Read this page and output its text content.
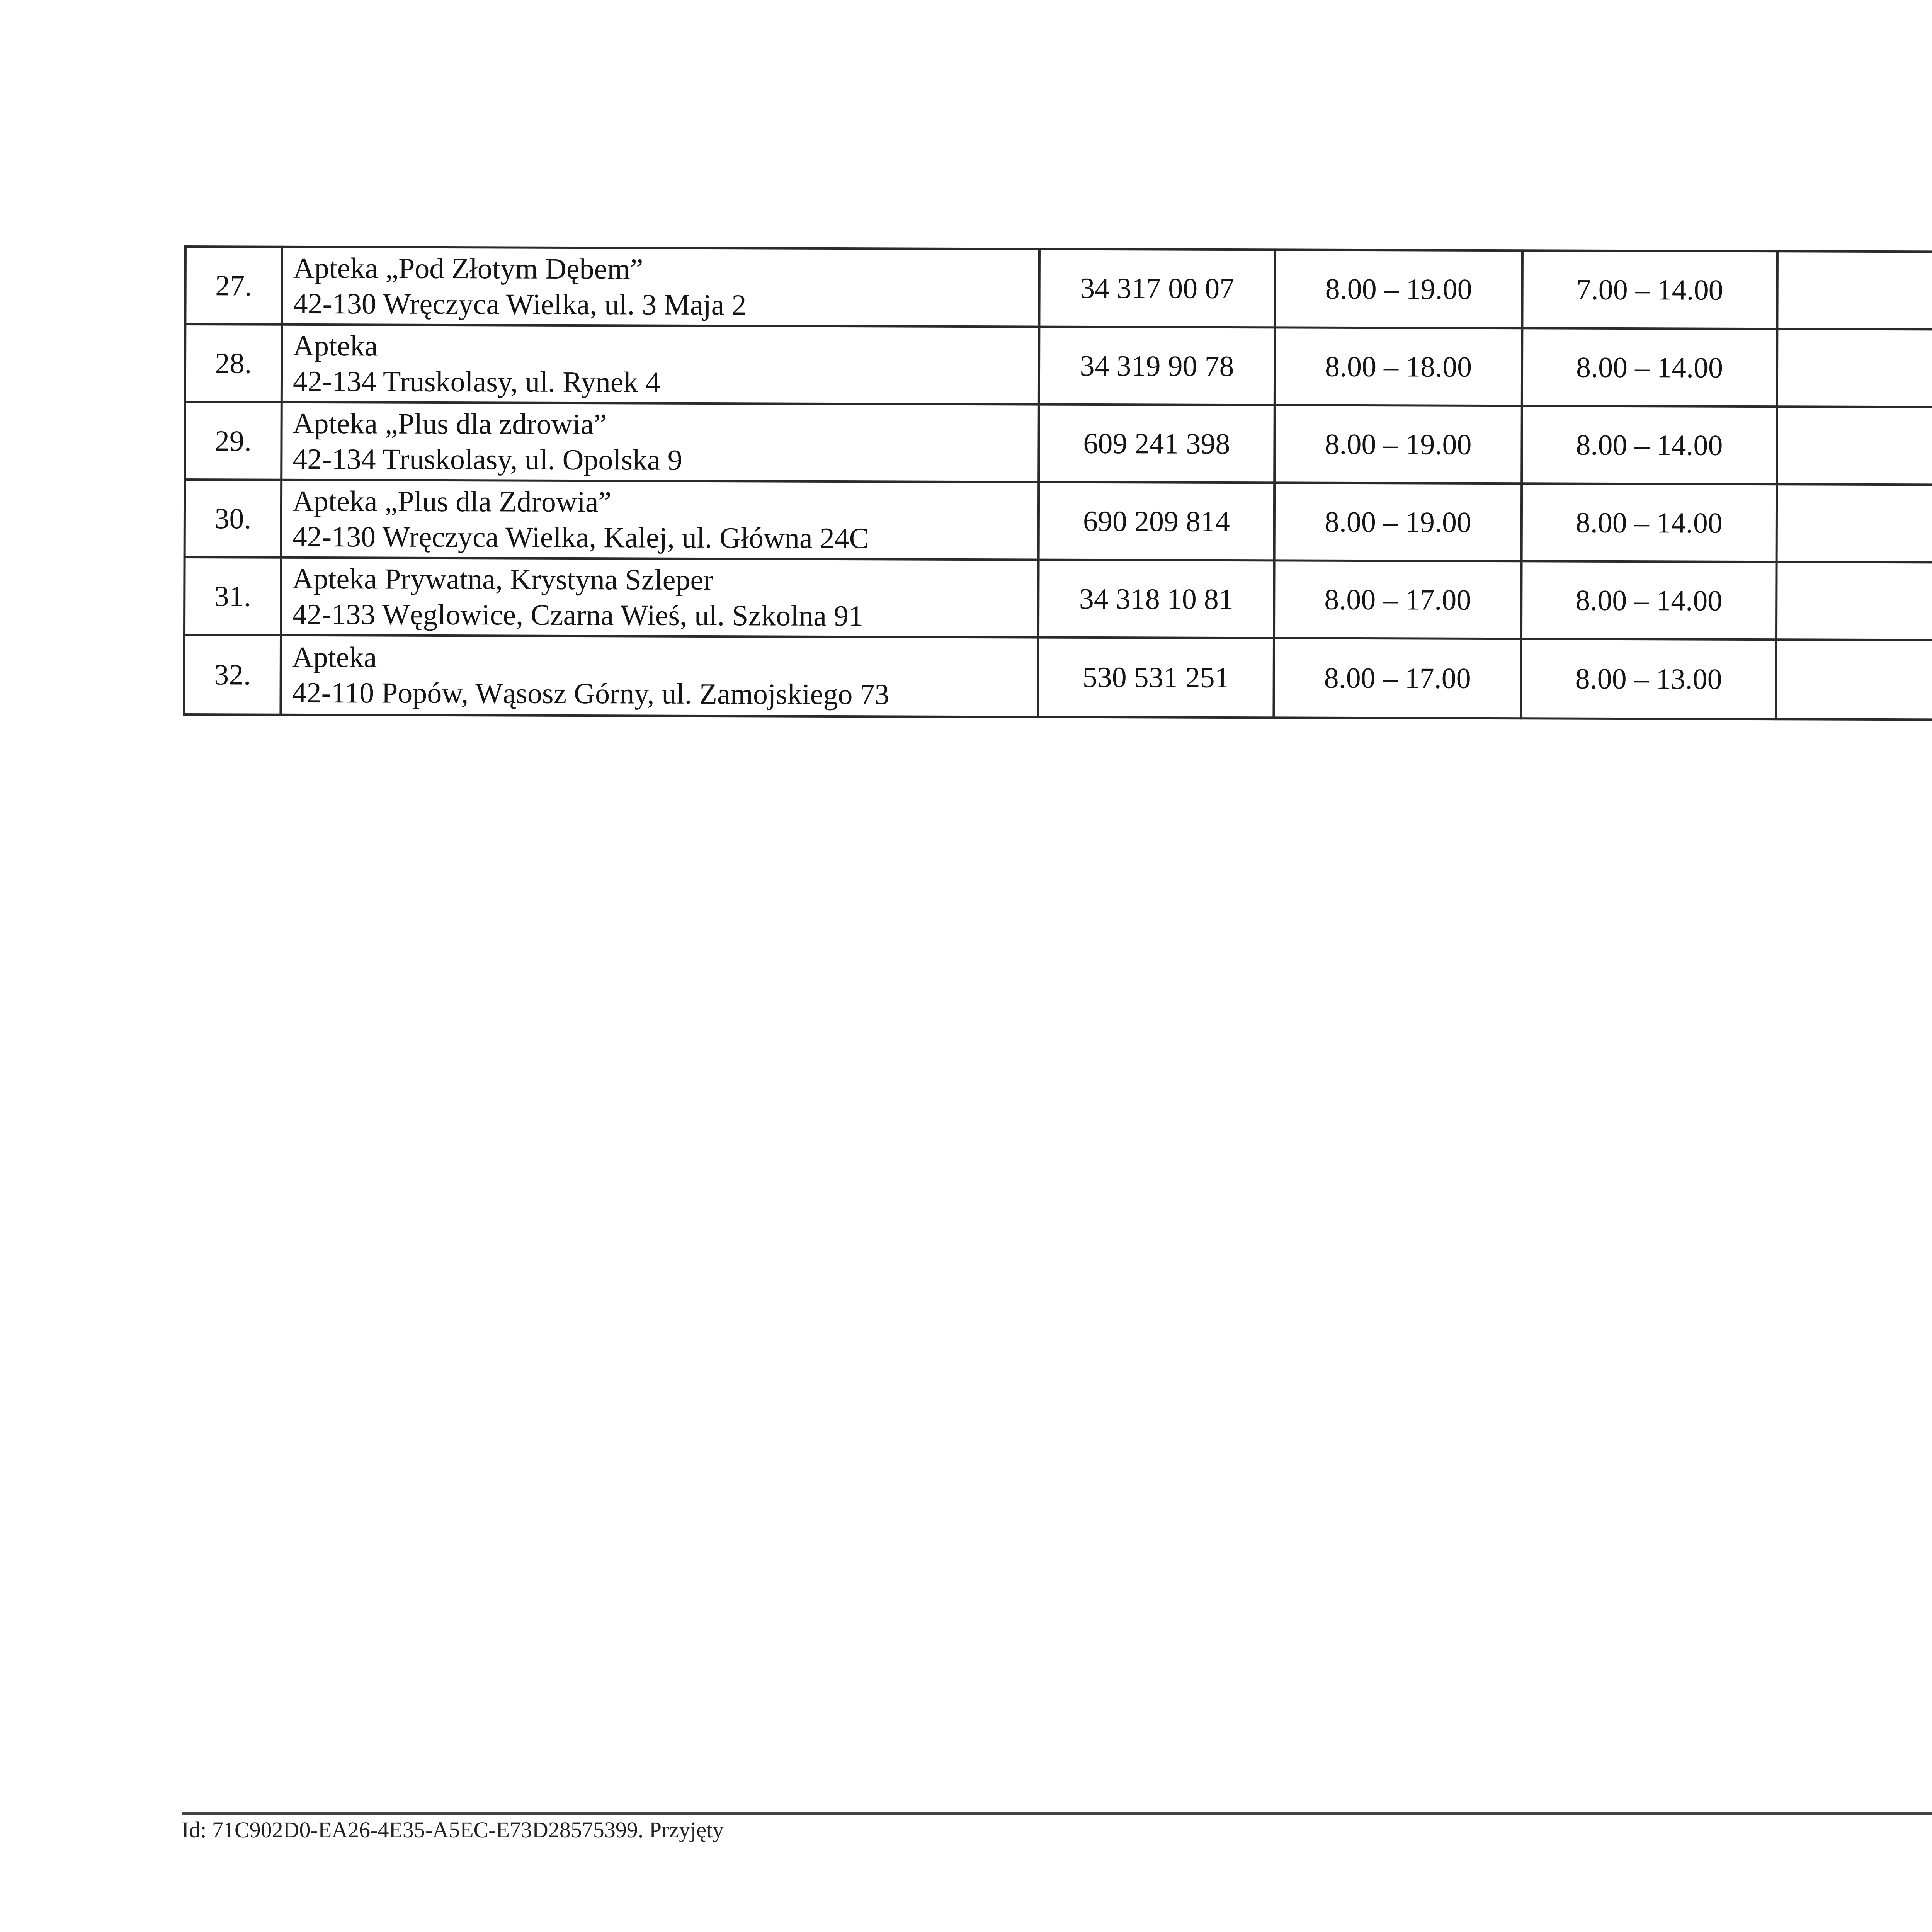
27.	Apteka „Pod Złotym Dębem”
42-130 Wręczyca Wielka, ul. 3 Maja 2	34 317 00 07	8.00 – 19.00	7.00 – 14.00	

28.	Apteka
42-134 Truskolasy, ul. Rynek 4	34 319 90 78	8.00 – 18.00	8.00 – 14.00	

29.	Apteka „Plus dla zdrowia”
42-134 Truskolasy, ul. Opolska 9	609 241 398	8.00 – 19.00	8.00 – 14.00	

30.	Apteka „Plus dla Zdrowia”
42-130 Wręczyca Wielka, Kalej, ul. Główna 24C	690 209 814	8.00 – 19.00	8.00 – 14.00	

31.	Apteka Prywatna, Krystyna Szleper
42-133 Węglowice, Czarna Wieś, ul. Szkolna 91	34 318 10 81	8.00 – 17.00	8.00 – 14.00	

32.	Apteka
42-110 Popów, Wąsosz Górny, ul. Zamojskiego 73	530 531 251	8.00 – 17.00	8.00 – 13.00	
Id: 71C902D0-EA26-4E35-A5EC-E73D28575399. Przyjęty
